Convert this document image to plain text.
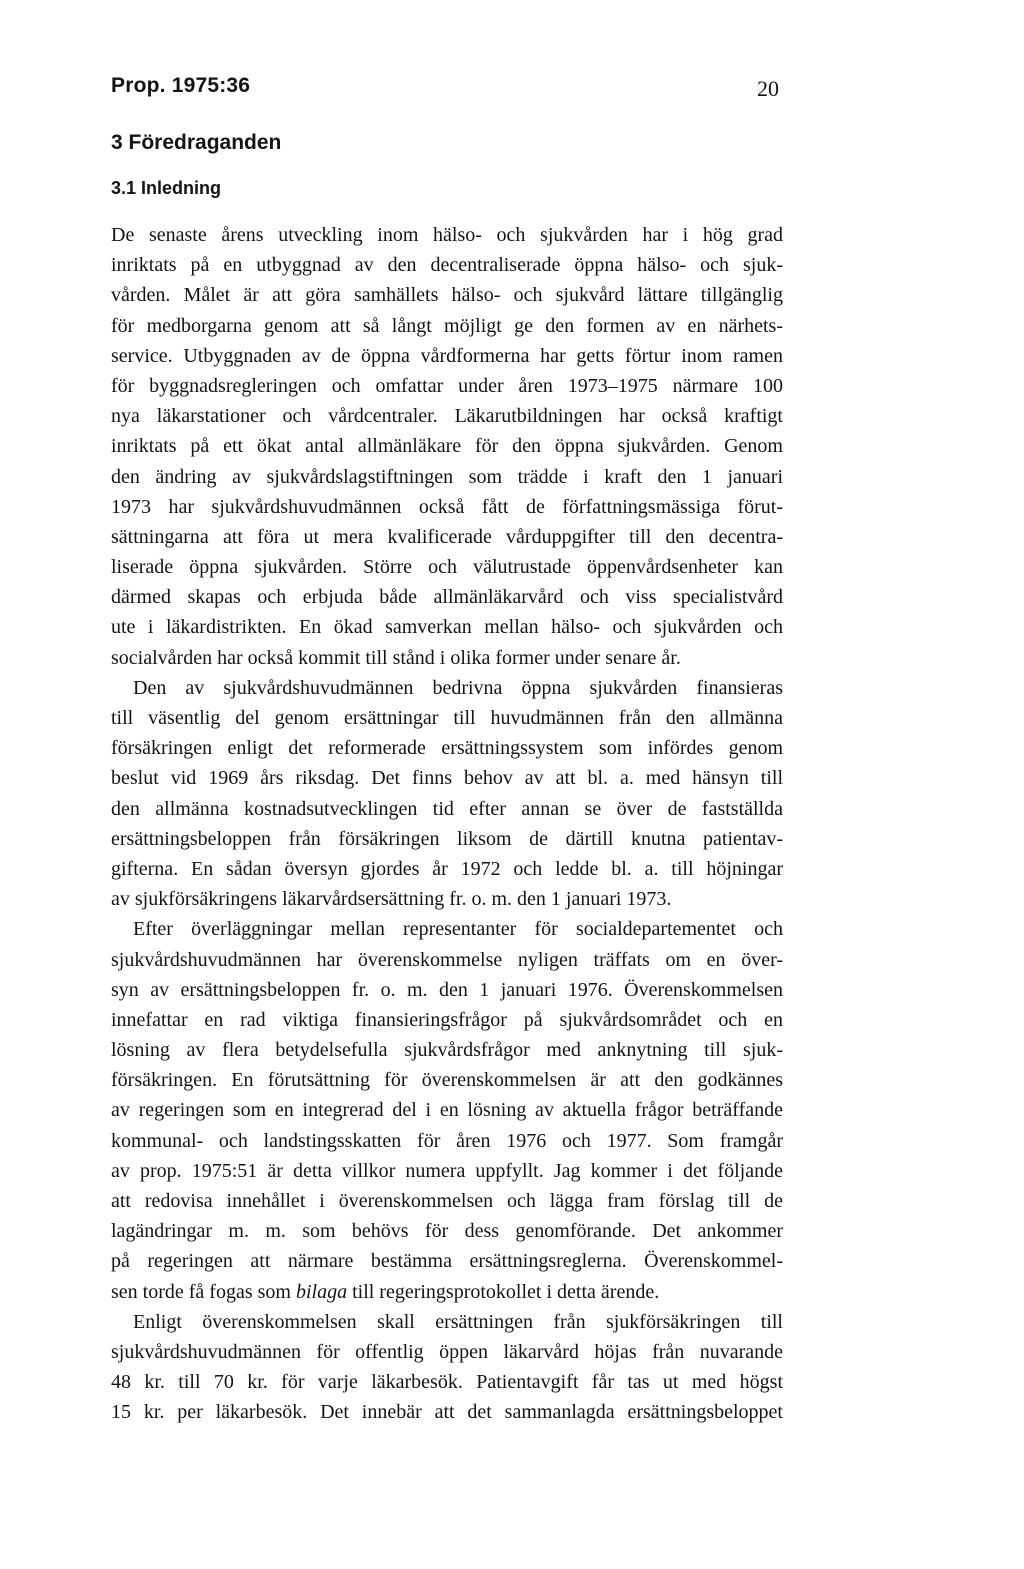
Prop. 1975:36	20
3 Föredraganden
3.1 Inledning

De senaste årens utveckling inom hälso- och sjukvården har i hög grad
inriktats på en utbyggnad av den decentraliserade öppna hälso- och sjuk-
vården. Målet är att göra samhällets hälso- och sjukvård lättare tillgänglig
för medborgarna genom att så långt möjligt ge den formen av en närhets-
service. Utbyggnaden av de öppna vårdformerna har getts förtur inom ramen
för byggnadsregleringen och omfattar under åren 1973–1975 närmare 100
nya läkarstationer och vårdcentraler. Läkarutbildningen har också kraftigt
inriktats på ett ökat antal allmänläkare för den öppna sjukvården. Genom
den ändring av sjukvårdslagstiftningen som trädde i kraft den 1 januari
1973 har sjukvårdshuvudmännen också fått de författningsmässiga förut-
sättningarna att föra ut mera kvalificerade vårduppgifter till den decentra-
liserade öppna sjukvården. Större och välutrustade öppenvårdsenheter kan
därmed skapas och erbjuda både allmänläkarvård och viss specialistvård
ute i läkardistrikten. En ökad samverkan mellan hälso- och sjukvården och
socialvården har också kommit till stånd i olika former under senare år.

Den av sjukvårdshuvudmännen bedrivna öppna sjukvården finansieras
till väsentlig del genom ersättningar till huvudmännen från den allmänna
försäkringen enligt det reformerade ersättningssystem som infördes genom
beslut vid 1969 års riksdag. Det finns behov av att bl. a. med hänsyn till
den allmänna kostnadsutvecklingen tid efter annan se över de fastställda
ersättningsbeloppen från försäkringen liksom de därtill knutna patientav-
gifterna. En sådan översyn gjordes år 1972 och ledde bl. a. till höjningar
av sjukförsäkringens läkarvårdsersättning fr. o. m. den 1 januari 1973.

Efter överläggningar mellan representanter för socialdepartementet och
sjukvårdshuvudmännen har överenskommelse nyligen träffats om en över-
syn av ersättningsbeloppen fr. o. m. den 1 januari 1976. Överenskommelsen
innefattar en rad viktiga finansieringsfrågor på sjukvårdsområdet och en
lösning av flera betydelsefulla sjukvårdsfrågor med anknytning till sjuk-
försäkringen. En förutsättning för överenskommelsen är att den godkännes
av regeringen som en integrerad del i en lösning av aktuella frågor beträffande
kommunal- och landstingsskatten för åren 1976 och 1977. Som framgår
av prop. 1975:51 är detta villkor numera uppfyllt. Jag kommer i det följande
att redovisa innehållet i överenskommelsen och lägga fram förslag till de
lagändringar m. m. som behövs för dess genomförande. Det ankommer
på regeringen att närmare bestämma ersättningsreglerna. Överenskommel-
sen torde få fogas som bilaga till regeringsprotokollet i detta ärende.

Enligt överenskommelsen skall ersättningen från sjukförsäkringen till
sjukvårdshuvudmännen för offentlig öppen läkarvård höjas från nuvarande
48 kr. till 70 kr. för varje läkarbesök. Patientavgift får tas ut med högst
15 kr. per läkarbesök. Det innebär att det sammanlagda ersättningsbeloppet
